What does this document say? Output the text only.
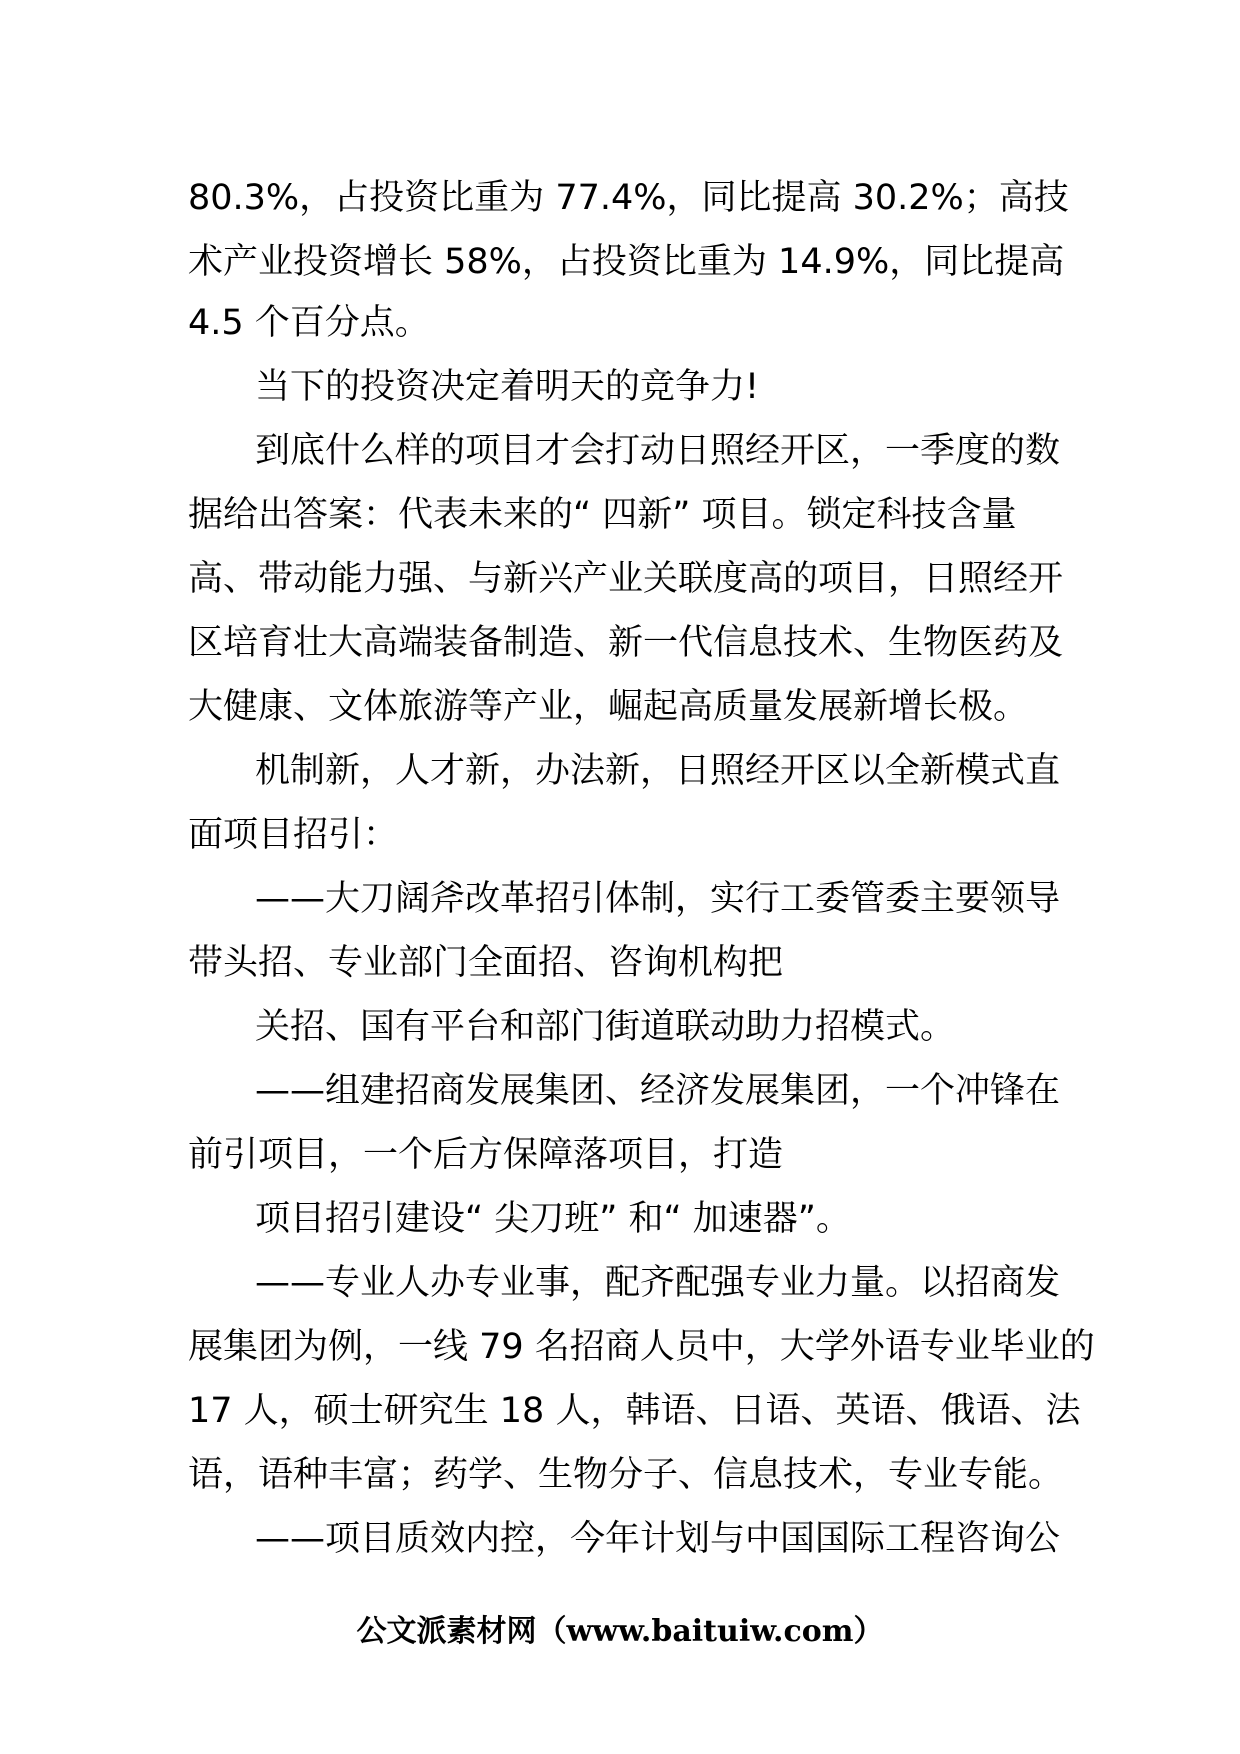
80.3%，占投资比重为 77.4%，同比提高 30.2%；高技
术产业投资增长 58%，占投资比重为 14.9%，同比提高
4.5 个百分点。
当下的投资决定着明天的竞争力!
到底什么样的项目才会打动日照经开区，一季度的数
据给出答案：代表未来的“ 四新” 项目。锁定科技含量
高、带动能力强、与新兴产业关联度高的项目，日照经开
区培育壮大高端装备制造、新一代信息技术、生物医药及
大健康、文体旅游等产业，崛起高质量发展新增长极。
机制新，人才新，办法新，日照经开区以全新模式直
面项目招引：
——大刀阔斧改革招引体制，实行工委管委主要领导
带头招、专业部门全面招、咨询机构把
关招、国有平台和部门街道联动助力招模式。
——组建招商发展集团、经济发展集团，一个冲锋在
前引项目，一个后方保障落项目，打造
项目招引建设“ 尖刀班” 和“ 加速器”。
——专业人办专业事，配齐配强专业力量。以招商发
展集团为例，一线 79 名招商人员中，大学外语专业毕业的
17 人，硕士研究生 18 人，韩语、日语、英语、俄语、法
语，语种丰富；药学、生物分子、信息技术，专业专能。
——项目质效内控，今年计划与中国国际工程咨询公
公文派素材网（www.baituiw.com）
